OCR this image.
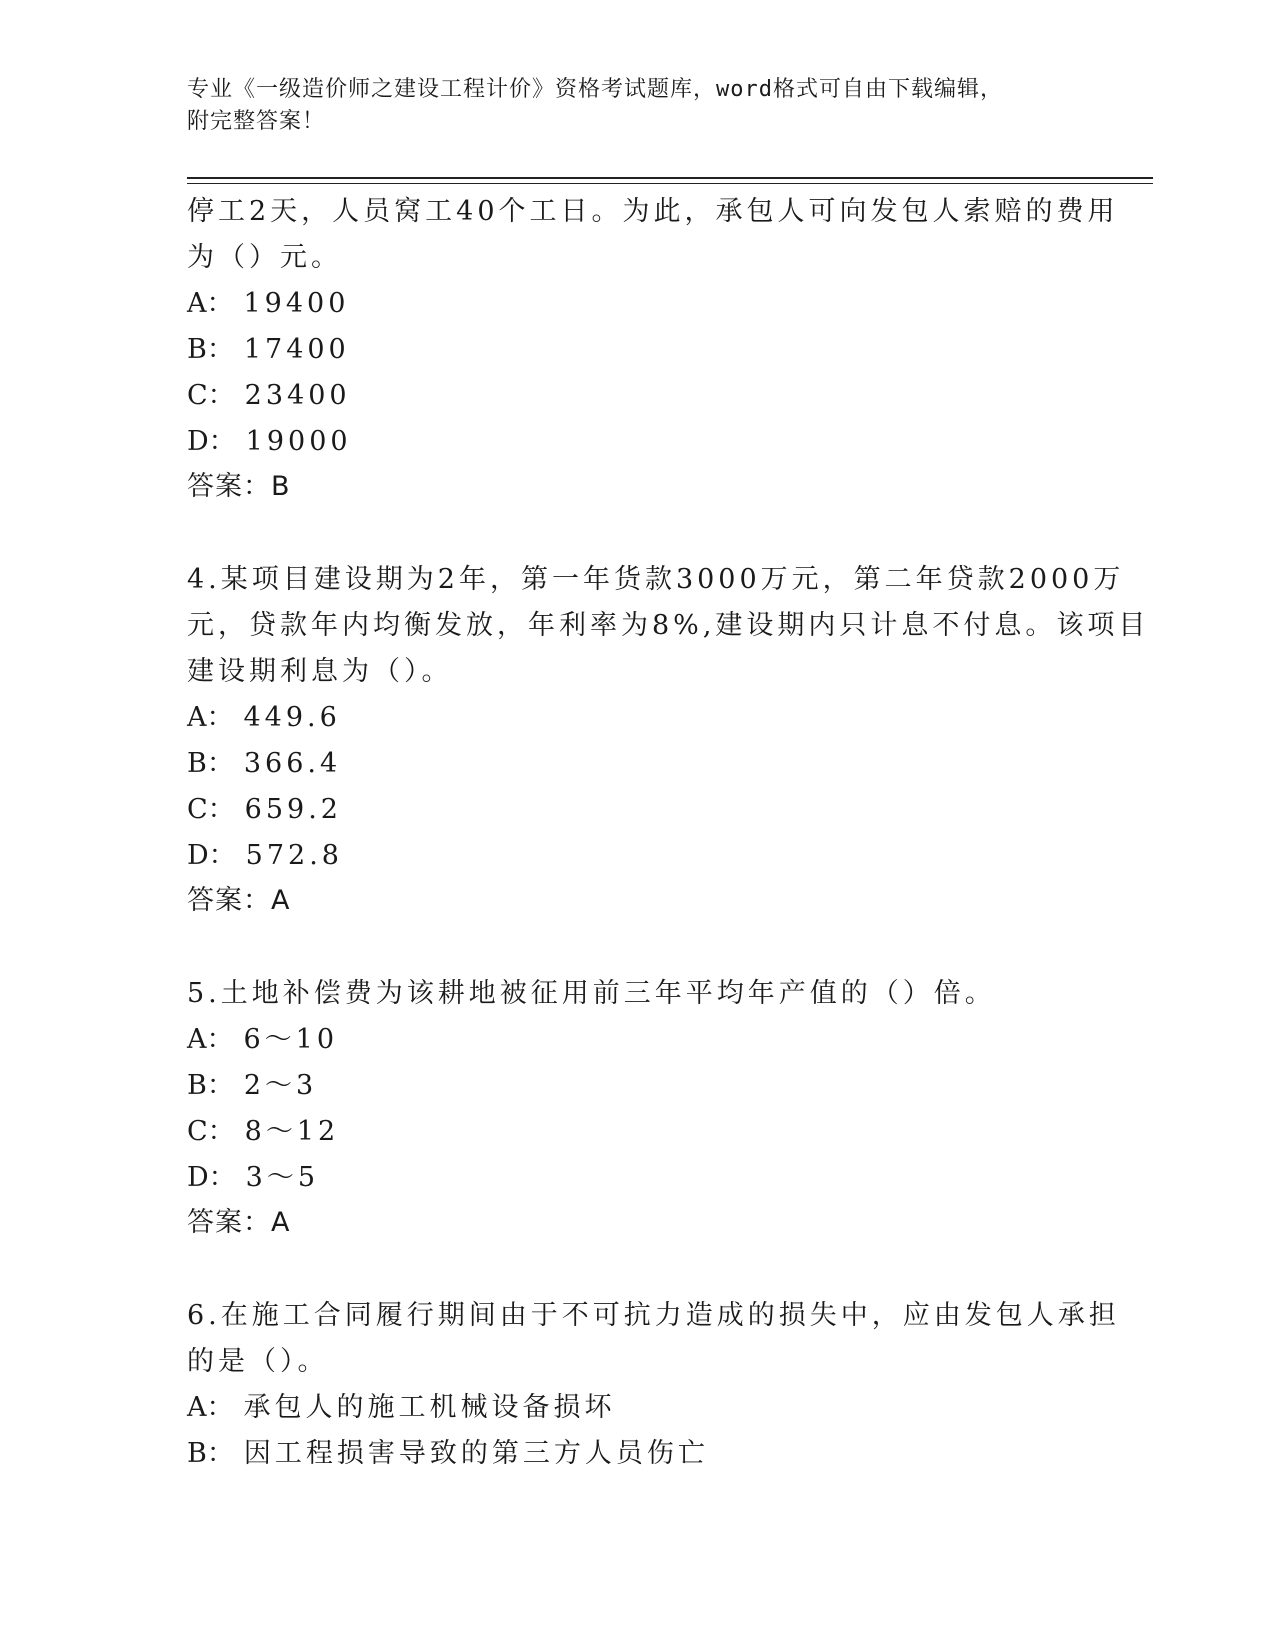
专业《一级造价师之建设工程计价》资格考试题库，word格式可自由下载编辑，
附完整答案！
停工2天，人员窝工40个工日。为此，承包人可向发包人索赔的费用
为（）元。
A： 19400
B： 17400
C： 23400
D： 19000
答案：B
4.某项目建设期为2年，第一年货款3000万元，第二年贷款2000万
元，贷款年内均衡发放，年利率为8%,建设期内只计息不付息。该项目
建设期利息为（）。
A： 449.6
B： 366.4
C： 659.2
D： 572.8
答案：A
5.土地补偿费为该耕地被征用前三年平均年产值的（）倍。
A： 6～10
B： 2～3
C： 8～12
D： 3～5
答案：A
6.在施工合同履行期间由于不可抗力造成的损失中，应由发包人承担
的是（）。
A： 承包人的施工机械设备损坏
B： 因工程损害导致的第三方人员伤亡
